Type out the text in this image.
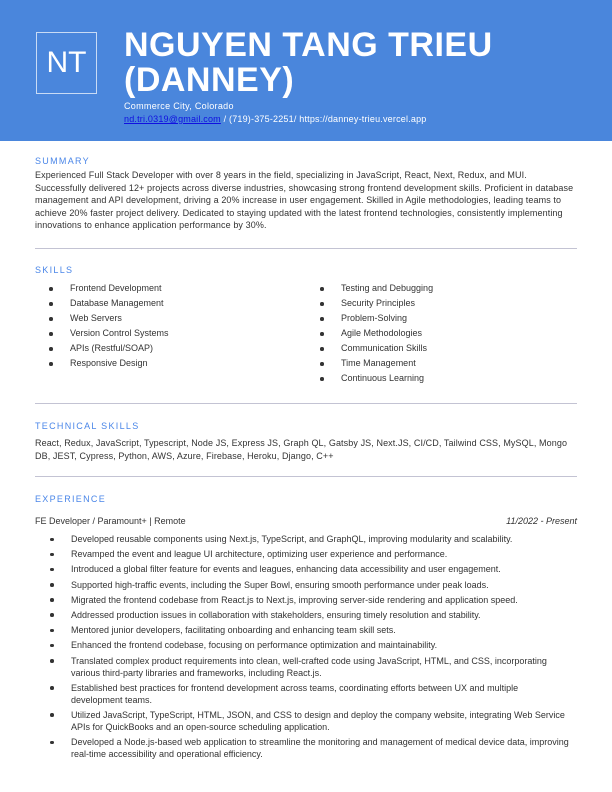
NT	NGUYEN TANG TRIEU (DANNEY)
Commerce City, Colorado
nd.tri.0319@gmail.com / (719)-375-2251/ https://danney-trieu.vercel.app
SUMMARY
Experienced Full Stack Developer with over 8 years in the field, specializing in JavaScript, React, Next, Redux, and MUI. Successfully delivered 12+ projects across diverse industries, showcasing strong frontend development skills. Proficient in database management and API development, driving a 20% increase in user engagement. Skilled in Agile methodologies, leading teams to achieve 20% faster project delivery. Dedicated to staying updated with the latest frontend technologies, consistently implementing innovations to enhance application performance by 30%.
SKILLS
Frontend Development
Database Management
Web Servers
Version Control Systems
APIs (Restful/SOAP)
Responsive Design
Testing and Debugging
Security Principles
Problem-Solving
Agile Methodologies
Communication Skills
Time Management
Continuous Learning
TECHNICAL SKILLS
React, Redux, JavaScript, Typescript, Node JS, Express JS, Graph QL, Gatsby JS, Next.JS, CI/CD, Tailwind CSS, MySQL, Mongo DB, JEST, Cypress, Python, AWS, Azure, Firebase, Heroku, Django, C++
EXPERIENCE
FE Developer / Paramount+ | Remote	11/2022 - Present
Developed reusable components using Next.js, TypeScript, and GraphQL, improving modularity and scalability.
Revamped the event and league UI architecture, optimizing user experience and performance.
Introduced a global filter feature for events and leagues, enhancing data accessibility and user engagement.
Supported high-traffic events, including the Super Bowl, ensuring smooth performance under peak loads.
Migrated the frontend codebase from React.js to Next.js, improving server-side rendering and application speed.
Addressed production issues in collaboration with stakeholders, ensuring timely resolution and stability.
Mentored junior developers, facilitating onboarding and enhancing team skill sets.
Enhanced the frontend codebase, focusing on performance optimization and maintainability.
Translated complex product requirements into clean, well-crafted code using JavaScript, HTML, and CSS, incorporating various third-party libraries and frameworks, including React.js.
Established best practices for frontend development across teams, coordinating efforts between UX and multiple development teams.
Utilized JavaScript, TypeScript, HTML, JSON, and CSS to design and deploy the company website, integrating Web Service APIs for QuickBooks and an open-source scheduling application.
Developed a Node.js-based web application to streamline the monitoring and management of medical device data, improving real-time accessibility and operational efficiency.
